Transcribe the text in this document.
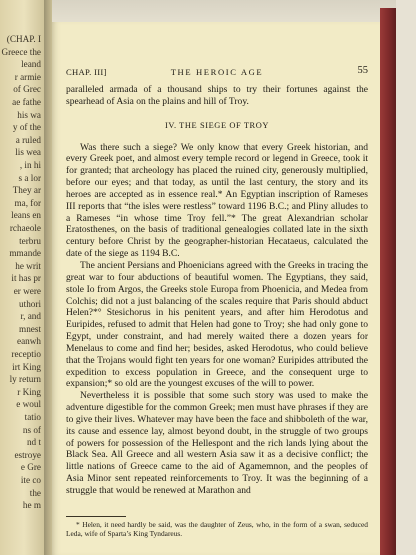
(CHAP. I
Greece the
leand
r armie
of Grec
ae fathe
his wa
y of the
a ruled
lis wea
, in hi
s a lor
They ar
ma, for
leans en
rchaeole
terbru
mmande
he writ
it has pr
er were
uthori
r, and
mnest
eanwh
receptio
irt King
ly return
r King
e woul
tatio
ns of
nd t
estroye
e Gre
ite co
the
he m
CHAP. III]	THE HEROIC AGE	55

paralleled armada of a thousand ships to try their fortunes against the spearhead of Asia on the plains and hill of Troy.

IV. THE SIEGE OF TROY

Was there such a siege? We only know that every Greek historian, and every Greek poet, and almost every temple record or legend in Greece, took it for granted; that archeology has placed the ruined city, generously multiplied, before our eyes; and that today, as until the last century, the story and its heroes are accepted as in essence real.* An Egyptian inscription of Rameses III reports that “the isles were restless” toward 1196 B.C.; and Pliny alludes to a Rameses “in whose time Troy fell.”* The great Alexandrian scholar Eratosthenes, on the basis of traditional genealogies collated late in the sixth century before Christ by the geographer-historian Hecataeus, calculated the date of the siege as 1194 B.C.

The ancient Persians and Phoenicians agreed with the Greeks in tracing the great war to four abductions of beautiful women. The Egyptians, they said, stole Io from Argos, the Greeks stole Europa from Phoenicia, and Medea from Colchis; did not a just balancing of the scales require that Paris should abduct Helen?*° Stesichorus in his penitent years, and after him Herodotus and Euripides, refused to admit that Helen had gone to Troy; she had only gone to Egypt, under constraint, and had merely waited there a dozen years for Menelaus to come and find her; besides, asked Herodotus, who could believe that the Trojans would fight ten years for one woman? Euripides attributed the expedition to excess population in Greece, and the consequent urge to expansion;* so old are the youngest excuses of the will to power.

Nevertheless it is possible that some such story was used to make the adventure digestible for the common Greek; men must have phrases if they are to give their lives. Whatever may have been the face and shibboleth of the war, its cause and essence lay, almost beyond doubt, in the struggle of two groups of powers for possession of the Hellespont and the rich lands lying about the Black Sea. All Greece and all western Asia saw it as a decisive conflict; the little nations of Greece came to the aid of Agamemnon, and the peoples of Asia Minor sent repeated reinforcements to Troy. It was the beginning of a struggle that would be renewed at Marathon and

* Helen, it need hardly be said, was the daughter of Zeus, who, in the form of a swan, seduced Leda, wife of Sparta’s King Tyndareus.
